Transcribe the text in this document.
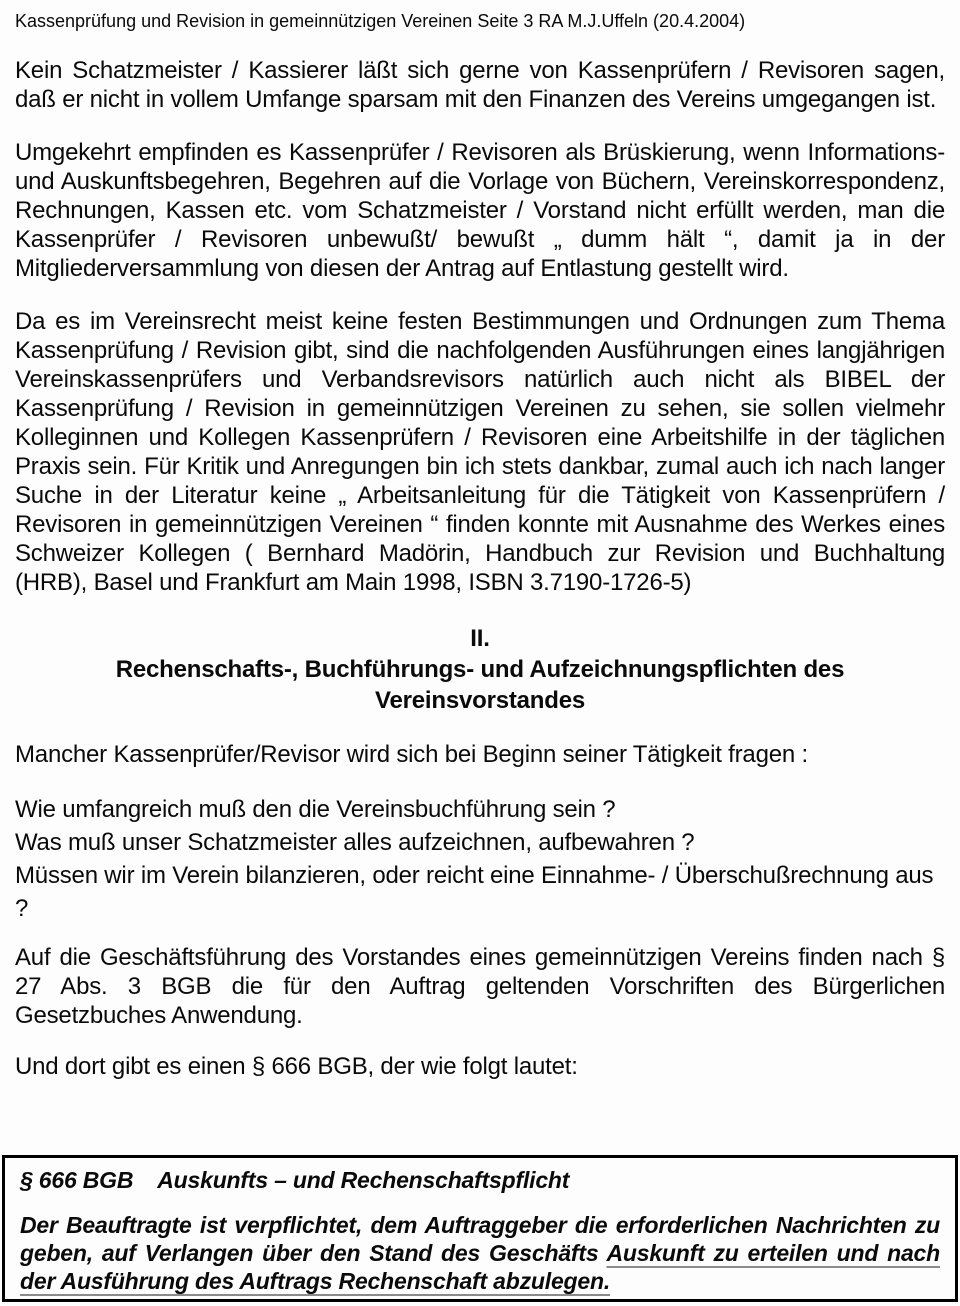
Kassenprüfung und Revision in gemeinnützigen Vereinen Seite 3 RA M.J.Uffeln (20.4.2004)

Kein Schatzmeister / Kassierer läßt sich gerne von Kassenprüfern / Revisoren sagen, daß er nicht in vollem Umfange sparsam mit den Finanzen des Vereins umgegangen ist.

Umgekehrt empfinden es Kassenprüfer / Revisoren als Brüskierung, wenn Informations- und Auskunftsbegehren, Begehren auf die Vorlage von Büchern, Vereinskorrespondenz, Rechnungen, Kassen etc. vom Schatzmeister / Vorstand nicht erfüllt werden, man die Kassenprüfer / Revisoren unbewußt/ bewußt „ dumm hält “, damit ja in der Mitgliederversammlung von diesen der Antrag auf Entlastung gestellt wird.

Da es im Vereinsrecht meist keine festen Bestimmungen und Ordnungen zum Thema Kassenprüfung / Revision gibt, sind die nachfolgenden Ausführungen eines langjährigen Vereinskassenprüfers und Verbandsrevisors natürlich auch nicht als BIBEL der Kassenprüfung / Revision in gemeinnützigen Vereinen zu sehen, sie sollen vielmehr Kolleginnen und Kollegen Kassenprüfern / Revisoren eine Arbeitshilfe in der täglichen Praxis sein. Für Kritik und Anregungen bin ich stets dankbar, zumal auch ich nach langer Suche in der Literatur keine „ Arbeitsanleitung für die Tätigkeit von Kassenprüfern / Revisoren in gemeinnützigen Vereinen “ finden konnte mit Ausnahme des Werkes eines Schweizer Kollegen ( Bernhard Madörin, Handbuch zur Revision und Buchhaltung (HRB), Basel und Frankfurt am Main 1998, ISBN 3.7190-1726-5)

II.
Rechenschafts-, Buchführungs- und Aufzeichnungspflichten des
Vereinsvorstandes

Mancher Kassenprüfer/Revisor wird sich bei Beginn seiner Tätigkeit fragen :

Wie umfangreich muß den die Vereinsbuchführung sein ?

Was muß unser Schatzmeister alles aufzeichnen, aufbewahren ?

Müssen wir im Verein bilanzieren, oder reicht eine Einnahme- / Überschußrechnung aus ?

Auf die Geschäftsführung des Vorstandes eines gemeinnützigen Vereins finden nach § 27 Abs. 3 BGB die für den Auftrag geltenden Vorschriften des Bürgerlichen Gesetzbuches Anwendung.

Und dort gibt es einen § 666 BGB, der wie folgt lautet:

§ 666 BGB Auskunfts – und Rechenschaftspflicht

Der Beauftragte ist verpflichtet, dem Auftraggeber die erforderlichen Nachrichten zu geben, auf Verlangen über den Stand des Geschäfts Auskunft zu erteilen und nach der Ausführung des Auftrags Rechenschaft abzulegen.
